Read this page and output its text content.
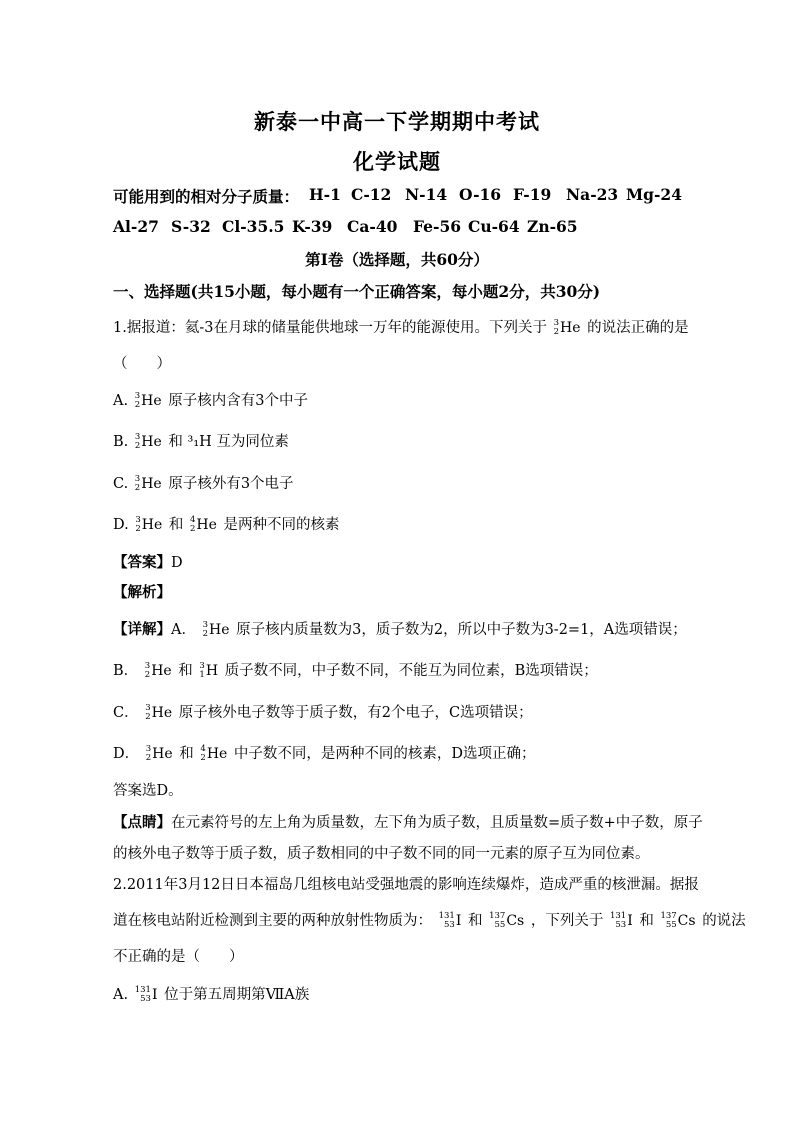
新泰一中高一下学期期中考试
化学试题
可能用到的相对分子质量： H-1 C-12 N-14 O-16 F-19 Na-23 Mg-24
Al-27 S-32 Cl-35.5 K-39 Ca-40 Fe-56 Cu-64 Zn-65
第Ⅰ卷（选择题，共60分）
一、选择题(共15小题，每小题有一个正确答案，每小题2分，共30分)
1.据报道：氦-3在月球的储量能供地球一万年的能源使用。下列关于 3
2 He 的说法正确的是
（　　）
A. 3
2 He 原子核内含有3个中子
B. 3
2 He 和 ³₁H 互为同位素
C. 3
2 He 原子核外有3个电子
D. 3
2 He 和 4
2 He 是两种不同的核素
【答案】D
【解析】
【详解】A． 3
2 He 原子核内质量数为3，质子数为2，所以中子数为3-2=1，A选项错误；
B． 3
2 He 和 3
1 H 质子数不同，中子数不同，不能互为同位素，B选项错误；
C． 3
2 He 原子核外电子数等于质子数，有2个电子，C选项错误；
D． 3
2 He 和 4
2 He 中子数不同，是两种不同的核素，D选项正确；
答案选D。
【点睛】在元素符号的左上角为质量数，左下角为质子数，且质量数=质子数+中子数，原子
的核外电子数等于质子数，质子数相同的中子数不同的同一元素的原子互为同位素。
2.2011年3月12日日本福岛几组核电站受强地震的影响连续爆炸，造成严重的核泄漏。据报
道在核电站附近检测到主要的两种放射性物质为： 131
53 I 和 137
55 Cs ，下列关于 131
53 I 和 137
55 Cs 的说法
不正确的是（　　）
A. 131
53 I 位于第五周期第ⅦA族
